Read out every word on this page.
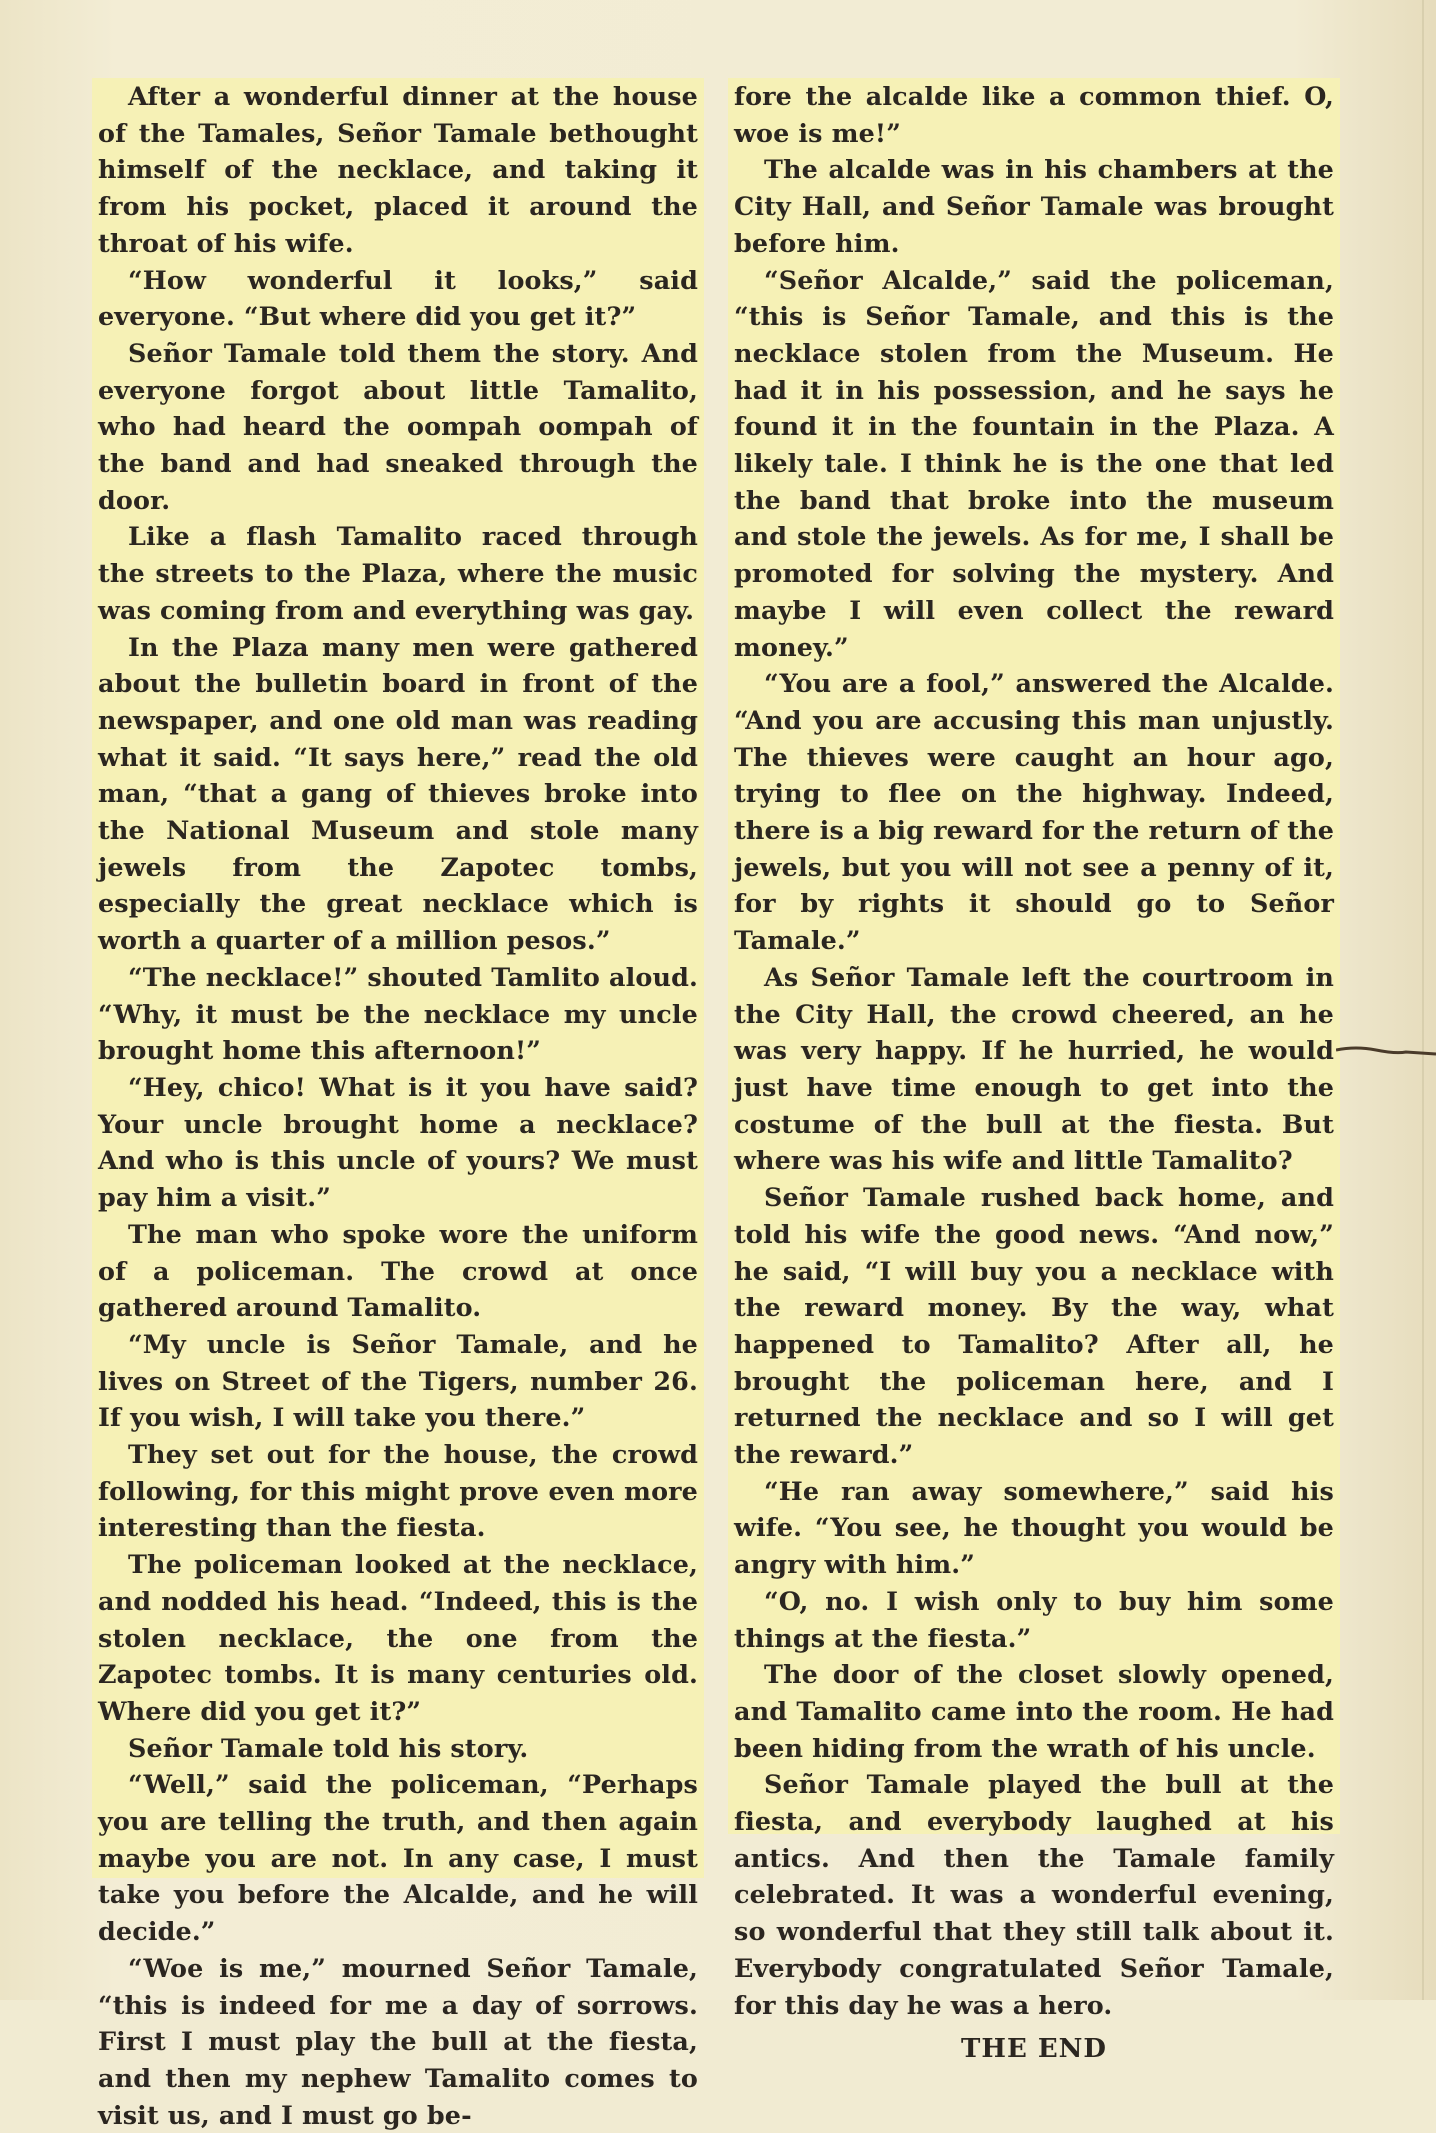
After a wonderful dinner at the house of the Tamales, Señor Tamale bethought himself of the necklace, and taking it from his pocket, placed it around the throat of his wife.

“How wonderful it looks,” said everyone. “But where did you get it?”

Señor Tamale told them the story. And everyone forgot about little Tamalito, who had heard the oompah oompah of the band and had sneaked through the door.

Like a flash Tamalito raced through the streets to the Plaza, where the music was coming from and everything was gay.

In the Plaza many men were gathered about the bulletin board in front of the newspaper, and one old man was reading what it said. “It says here,” read the old man, “that a gang of thieves broke into the National Museum and stole many jewels from the Zapotec tombs, especially the great necklace which is worth a quarter of a million pesos.”

“The necklace!” shouted Tamlito aloud. “Why, it must be the necklace my uncle brought home this afternoon!”

“Hey, chico! What is it you have said? Your uncle brought home a necklace? And who is this uncle of yours? We must pay him a visit.”

The man who spoke wore the uniform of a policeman. The crowd at once gathered around Tamalito.

“My uncle is Señor Tamale, and he lives on Street of the Tigers, number 26. If you wish, I will take you there.”

They set out for the house, the crowd following, for this might prove even more interesting than the fiesta.

The policeman looked at the necklace, and nodded his head. “Indeed, this is the stolen necklace, the one from the Zapotec tombs. It is many centuries old. Where did you get it?”

Señor Tamale told his story.

“Well,” said the policeman, “Perhaps you are telling the truth, and then again maybe you are not. In any case, I must take you before the Alcalde, and he will decide.”

“Woe is me,” mourned Señor Tamale, “this is indeed for me a day of sorrows. First I must play the bull at the fiesta, and then my nephew Tamalito comes to visit us, and I must go be-

fore the alcalde like a common thief. O, woe is me!”

The alcalde was in his chambers at the City Hall, and Señor Tamale was brought before him.

“Señor Alcalde,” said the policeman, “this is Señor Tamale, and this is the necklace stolen from the Museum. He had it in his possession, and he says he found it in the fountain in the Plaza. A likely tale. I think he is the one that led the band that broke into the museum and stole the jewels. As for me, I shall be promoted for solving the mystery. And maybe I will even collect the reward money.”

“You are a fool,” answered the Alcalde. “And you are accusing this man unjustly. The thieves were caught an hour ago, trying to flee on the highway. Indeed, there is a big reward for the return of the jewels, but you will not see a penny of it, for by rights it should go to Señor Tamale.”

As Señor Tamale left the courtroom in the City Hall, the crowd cheered, an he was very happy. If he hurried, he would just have time enough to get into the costume of the bull at the fiesta. But where was his wife and little Tamalito?

Señor Tamale rushed back home, and told his wife the good news. “And now,” he said, “I will buy you a necklace with the reward money. By the way, what happened to Tamalito? After all, he brought the policeman here, and I returned the necklace and so I will get the reward.”

“He ran away somewhere,” said his wife. “You see, he thought you would be angry with him.”

“O, no. I wish only to buy him some things at the fiesta.”

The door of the closet slowly opened, and Tamalito came into the room. He had been hiding from the wrath of his uncle.

Señor Tamale played the bull at the fiesta, and everybody laughed at his antics. And then the Tamale family celebrated. It was a wonderful evening, so wonderful that they still talk about it. Everybody congratulated Señor Tamale, for this day he was a hero.

THE END
